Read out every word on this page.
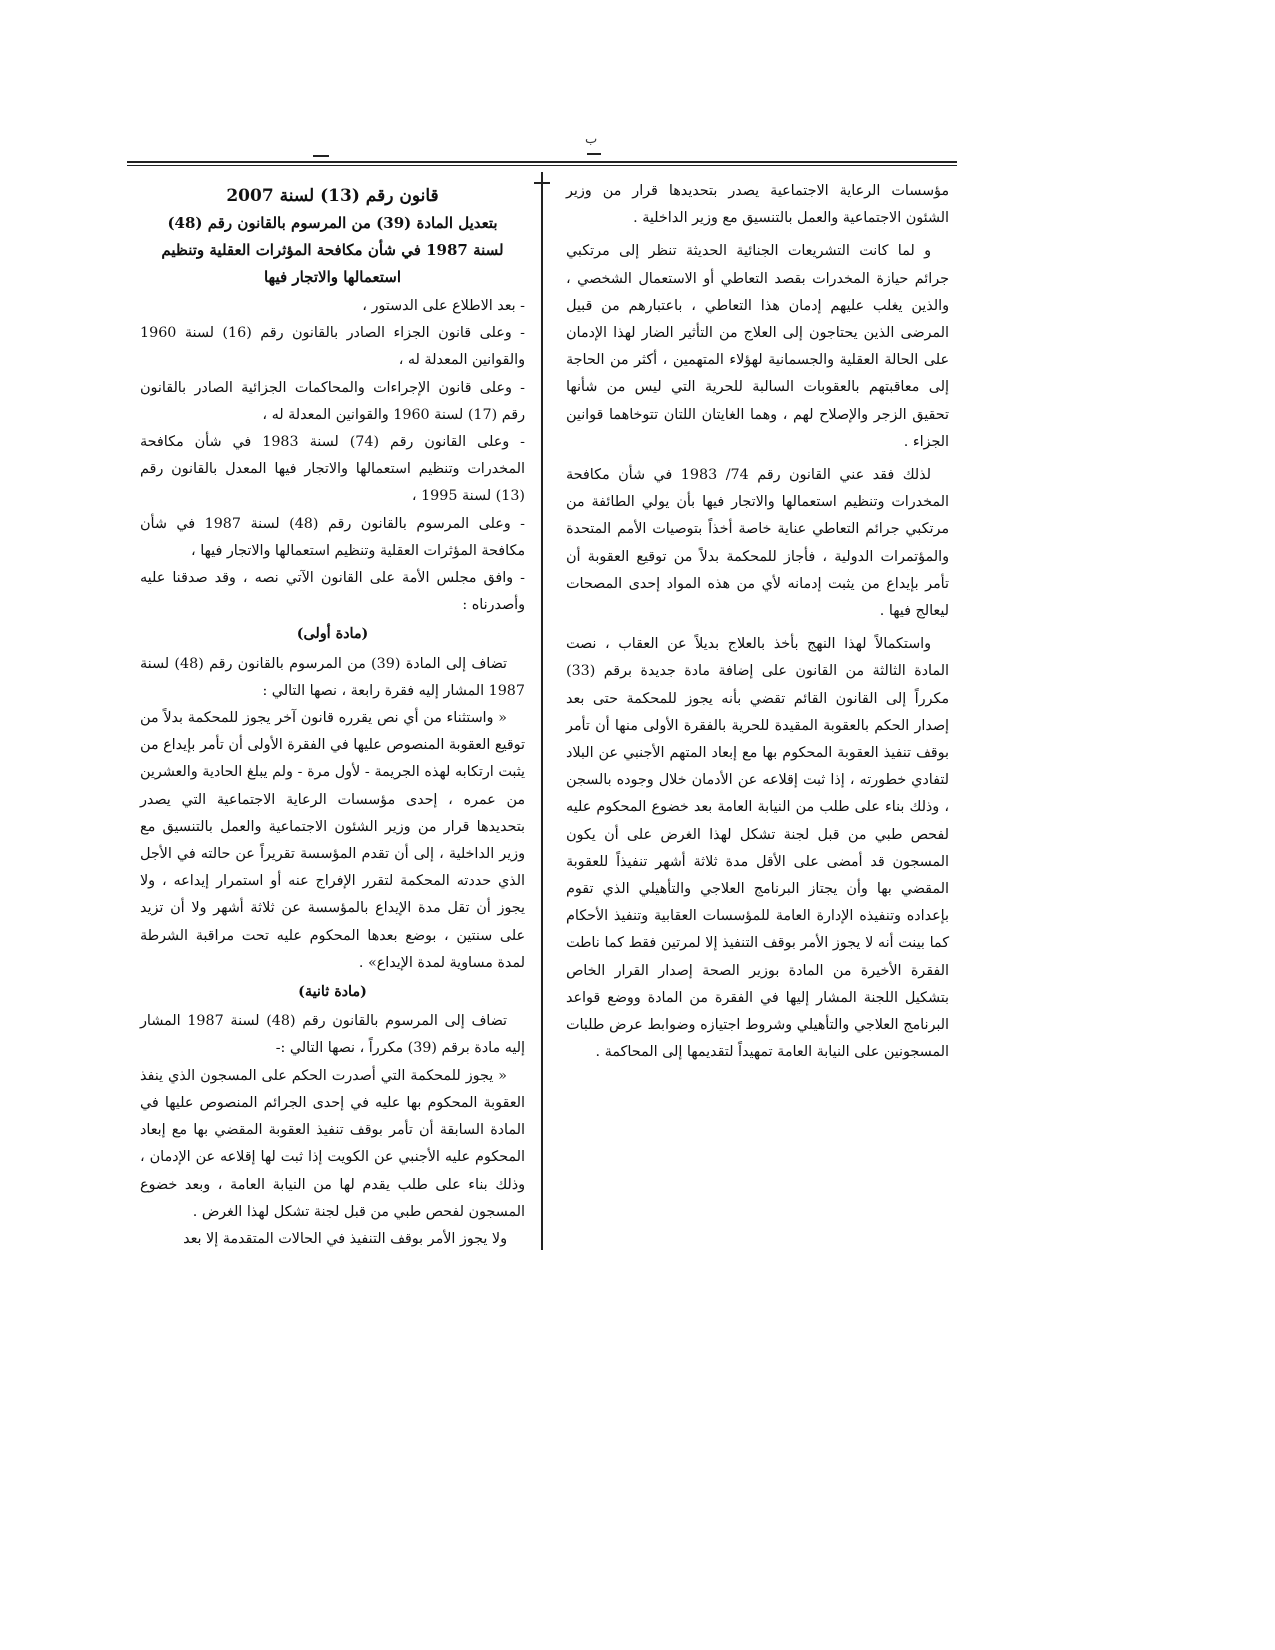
ب

مؤسسات الرعاية الاجتماعية يصدر بتحديدها قرار من وزير الشئون الاجتماعية والعمل بالتنسيق مع وزير الداخلية .

و لما كانت التشريعات الجنائية الحديثة تنظر إلى مرتكبي جرائم حيازة المخدرات بقصد التعاطي أو الاستعمال الشخصي ، والذين يغلب عليهم إدمان هذا التعاطي ، باعتبارهم من قبيل المرضى الذين يحتاجون إلى العلاج من التأثير الضار لهذا الإدمان على الحالة العقلية والجسمانية لهؤلاء المتهمين ، أكثر من الحاجة إلى معاقبتهم بالعقوبات السالبة للحرية التي ليس من شأنها تحقيق الزجر والإصلاح لهم ، وهما الغايتان اللتان تتوخاهما قوانين الجزاء .

لذلك فقد عني القانون رقم 74/ 1983 في شأن مكافحة المخدرات وتنظيم استعمالها والاتجار فيها بأن يولي الطائفة من مرتكبي جرائم التعاطي عناية خاصة أخذاً بتوصيات الأمم المتحدة والمؤتمرات الدولية ، فأجاز للمحكمة بدلاً من توقيع العقوبة أن تأمر بإيداع من يثبت إدمانه لأي من هذه المواد إحدى المصحات ليعالج فيها .

واستكمالاً لهذا النهج بأخذ بالعلاج بديلاً عن العقاب ، نصت المادة الثالثة من القانون على إضافة مادة جديدة برقم (33) مكرراً إلى القانون القائم تقضي بأنه يجوز للمحكمة حتى بعد إصدار الحكم بالعقوبة المقيدة للحرية بالفقرة الأولى منها أن تأمر بوقف تنفيذ العقوبة المحكوم بها مع إبعاد المتهم الأجنبي عن البلاد لتفادي خطورته ، إذا ثبت إقلاعه عن الأدمان خلال وجوده بالسجن ، وذلك بناء على طلب من النيابة العامة بعد خضوع المحكوم عليه لفحص طبي من قبل لجنة تشكل لهذا الغرض على أن يكون المسجون قد أمضى على الأقل مدة ثلاثة أشهر تنفيذاً للعقوبة المقضي بها وأن يجتاز البرنامج العلاجي والتأهيلي الذي تقوم بإعداده وتنفيذه الإدارة العامة للمؤسسات العقابية وتنفيذ الأحكام كما بينت أنه لا يجوز الأمر بوقف التنفيذ إلا لمرتين فقط كما ناطت الفقرة الأخيرة من المادة بوزير الصحة إصدار القرار الخاص بتشكيل اللجنة المشار إليها في الفقرة من المادة ووضع قواعد البرنامج العلاجي والتأهيلي وشروط اجتيازه وضوابط عرض طلبات المسجونين على النيابة العامة تمهيداً لتقديمها إلى المحاكمة .

قانون رقم (13) لسنة 2007
بتعديل المادة (39) من المرسوم بالقانون رقم (48)
لسنة 1987 في شأن مكافحة المؤثرات العقلية وتنظيم
استعمالها والاتجار فيها

- بعد الاطلاع على الدستور ،

- وعلى قانون الجزاء الصادر بالقانون رقم (16) لسنة 1960 والقوانين المعدلة له ،

- وعلى قانون الإجراءات والمحاكمات الجزائية الصادر بالقانون رقم (17) لسنة 1960 والقوانين المعدلة له ،

- وعلى القانون رقم (74) لسنة 1983 في شأن مكافحة المخدرات وتنظيم استعمالها والاتجار فيها المعدل بالقانون رقم (13) لسنة 1995 ،

- وعلى المرسوم بالقانون رقم (48) لسنة 1987 في شأن مكافحة المؤثرات العقلية وتنظيم استعمالها والاتجار فيها ،

- وافق مجلس الأمة على القانون الآتي نصه ، وقد صدقنا عليه وأصدرناه :

(مادة أولى)

تضاف إلى المادة (39) من المرسوم بالقانون رقم (48) لسنة 1987 المشار إليه فقرة رابعة ، نصها التالي :

« واستثناء من أي نص يقرره قانون آخر يجوز للمحكمة بدلاً من توقيع العقوبة المنصوص عليها في الفقرة الأولى أن تأمر بإيداع من يثبت ارتكابه لهذه الجريمة - لأول مرة - ولم يبلغ الحادية والعشرين من عمره ، إحدى مؤسسات الرعاية الاجتماعية التي يصدر بتحديدها قرار من وزير الشئون الاجتماعية والعمل بالتنسيق مع وزير الداخلية ، إلى أن تقدم المؤسسة تقريراً عن حالته في الأجل الذي حددته المحكمة لتقرر الإفراج عنه أو استمرار إيداعه ، ولا يجوز أن تقل مدة الإيداع بالمؤسسة عن ثلاثة أشهر ولا أن تزيد على سنتين ، بوضع بعدها المحكوم عليه تحت مراقبة الشرطة لمدة مساوية لمدة الإيداع» .

(مادة ثانية)

تضاف إلى المرسوم بالقانون رقم (48) لسنة 1987 المشار إليه مادة برقم (39) مكرراً ، نصها التالي :-

« يجوز للمحكمة التي أصدرت الحكم على المسجون الذي ينفذ العقوبة المحكوم بها عليه في إحدى الجرائم المنصوص عليها في المادة السابقة أن تأمر بوقف تنفيذ العقوبة المقضي بها مع إبعاد المحكوم عليه الأجنبي عن الكويت إذا ثبت لها إقلاعه عن الإدمان ، وذلك بناء على طلب يقدم لها من النيابة العامة ، وبعد خضوع المسجون لفحص طبي من قبل لجنة تشكل لهذا الغرض .

ولا يجوز الأمر بوقف التنفيذ في الحالات المتقدمة إلا بعد
